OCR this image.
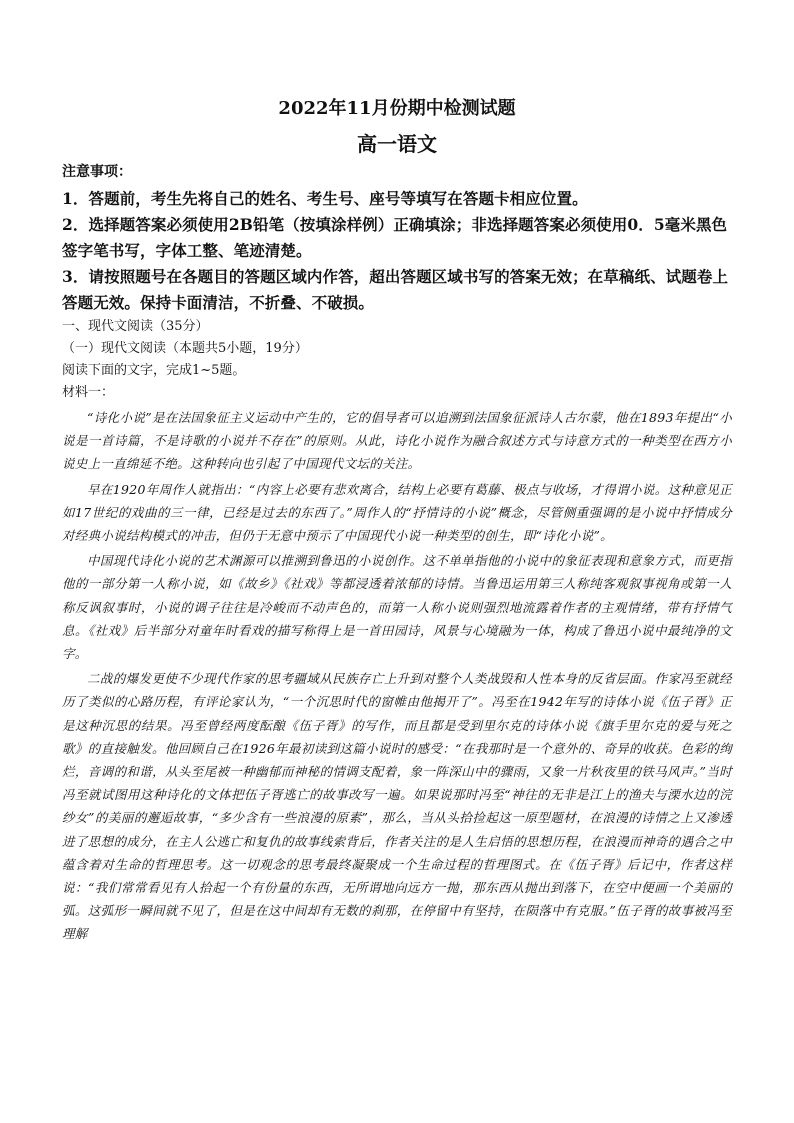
2022年11月份期中检测试题
高一语文
注意事项：

1．答题前，考生先将自己的姓名、考生号、座号等填写在答题卡相应位置。

2．选择题答案必须使用2B铅笔（按填涂样例）正确填涂；非选择题答案必须使用0．5毫米黑色签字笔书写，字体工整、笔迹清楚。

3．请按照题号在各题目的答题区域内作答，超出答题区域书写的答案无效；在草稿纸、试题卷上答题无效。保持卡面清洁，不折叠、不破损。

一、现代文阅读（35分）

（一）现代文阅读（本题共5小题，19分）

阅读下面的文字，完成1~5题。

材料一：

“诗化小说”是在法国象征主义运动中产生的，它的倡导者可以追溯到法国象征派诗人古尔蒙，他在1893年提出“小说是一首诗篇，不是诗歌的小说并不存在”的原则。从此，诗化小说作为融合叙述方式与诗意方式的一种类型在西方小说史上一直绵延不绝。这种转向也引起了中国现代文坛的关注。

早在1920年周作人就指出：“内容上必要有悲欢离合，结构上必要有葛藤、极点与收场，才得谓小说。这种意见正如17世纪的戏曲的三一律，已经是过去的东西了。”周作人的“抒情诗的小说”概念，尽管侧重强调的是小说中抒情成分对经典小说结构模式的冲击，但仍于无意中预示了中国现代小说一种类型的创生，即“诗化小说”。

中国现代诗化小说的艺术渊源可以推溯到鲁迅的小说创作。这不单单指他的小说中的象征表现和意象方式，而更指他的一部分第一人称小说，如《故乡》《社戏》等都浸透着浓郁的诗情。当鲁迅运用第三人称纯客观叙事视角或第一人称反讽叙事时，小说的调子往往是冷峻而不动声色的，而第一人称小说则强烈地流露着作者的主观情绪，带有抒情气息。《社戏》后半部分对童年时看戏的描写称得上是一首田园诗，风景与心境融为一体，构成了鲁迅小说中最纯净的文字。

二战的爆发更使不少现代作家的思考疆域从民族存亡上升到对整个人类战毁和人性本身的反省层面。作家冯至就经历了类似的心路历程，有评论家认为，“一个沉思时代的窗帷由他揭开了”。冯至在1942年写的诗体小说《伍子胥》正是这种沉思的结果。冯至曾经两度酝酿《伍子胥》的写作，而且都是受到里尔克的诗体小说《旗手里尔克的爱与死之歌》的直接触发。他回顾自己在1926年最初读到这篇小说时的感受：“在我那时是一个意外的、奇异的收获。色彩的绚烂，音调的和谐，从头至尾被一种幽郁而神秘的情调支配着，象一阵深山中的骤雨，又象一片秋夜里的铁马风声。”当时冯至就试图用这种诗化的文体把伍子胥逃亡的故事改写一遍。如果说那时冯至“神往的无非是江上的渔夫与溧水边的浣纱女”的美丽的邂逅故事，“多少含有一些浪漫的原素”，那么，当从头拾捡起这一原型题材，在浪漫的诗情之上又渗透进了思想的成分，在主人公逃亡和复仇的故事线索背后，作者关注的是人生启悟的思想历程，在浪漫而神奇的遇合之中蕴含着对生命的哲理思考。这一切观念的思考最终凝聚成一个生命过程的哲理图式。在《伍子胥》后记中，作者这样说：“我们常常看见有人拾起一个有份量的东西，无所谓地向远方一抛，那东西从抛出到落下，在空中便画一个美丽的弧。这弧形一瞬间就不见了，但是在这中间却有无数的刹那，在停留中有坚持，在陨落中有克服。”伍子胥的故事被冯至理解
